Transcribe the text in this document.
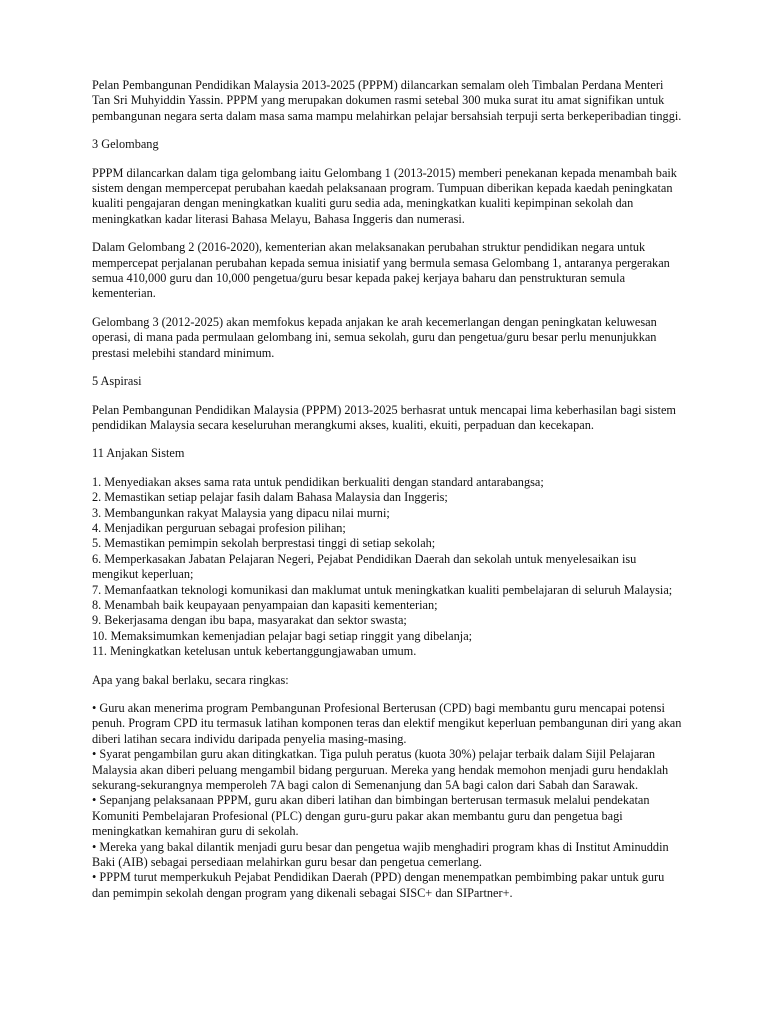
Pelan Pembangunan Pendidikan Malaysia 2013-2025 (PPPM) dilancarkan semalam oleh Timbalan Perdana Menteri Tan Sri Muhyiddin Yassin. PPPM yang merupakan dokumen rasmi setebal 300 muka surat itu amat signifikan untuk pembangunan negara serta dalam masa sama mampu melahirkan pelajar bersahsiah terpuji serta berkeperibadian tinggi.

3 Gelombang

PPPM dilancarkan dalam tiga gelombang iaitu Gelombang 1 (2013-2015) memberi penekanan kepada menambah baik sistem dengan mempercepat perubahan kaedah pelaksanaan program. Tumpuan diberikan kepada kaedah peningkatan kualiti pengajaran dengan meningkatkan kualiti guru sedia ada, meningkatkan kualiti kepimpinan sekolah dan meningkatkan kadar literasi Bahasa Melayu, Bahasa Inggeris dan numerasi.

Dalam Gelombang 2 (2016-2020), kementerian akan melaksanakan perubahan struktur pendidikan negara untuk mempercepat perjalanan perubahan kepada semua inisiatif yang bermula semasa Gelombang 1, antaranya pergerakan semua 410,000 guru dan 10,000 pengetua/guru besar kepada pakej kerjaya baharu dan penstrukturan semula kementerian.

Gelombang 3 (2012-2025) akan memfokus kepada anjakan ke arah kecemerlangan dengan peningkatan keluwesan operasi, di mana pada permulaan gelombang ini, semua sekolah, guru dan pengetua/guru besar perlu menunjukkan prestasi melebihi standard minimum.

5 Aspirasi

Pelan Pembangunan Pendidikan Malaysia (PPPM) 2013-2025 berhasrat untuk mencapai lima keberhasilan bagi sistem pendidikan Malaysia secara keseluruhan merangkumi akses, kualiti, ekuiti, perpaduan dan kecekapan.

11 Anjakan Sistem

1. Menyediakan akses sama rata untuk pendidikan berkualiti dengan standard antarabangsa;
2. Memastikan setiap pelajar fasih dalam Bahasa Malaysia dan Inggeris;
3. Membangunkan rakyat Malaysia yang dipacu nilai murni;
4. Menjadikan perguruan sebagai profesion pilihan;
5. Memastikan pemimpin sekolah berprestasi tinggi di setiap sekolah;
6. Memperkasakan Jabatan Pelajaran Negeri, Pejabat Pendidikan Daerah dan sekolah untuk menyelesaikan isu mengikut keperluan;
7. Memanfaatkan teknologi komunikasi dan maklumat untuk meningkatkan kualiti pembelajaran di seluruh Malaysia;
8. Menambah baik keupayaan penyampaian dan kapasiti kementerian;
9. Bekerjasama dengan ibu bapa, masyarakat dan sektor swasta;
10. Memaksimumkan kemenjadian pelajar bagi setiap ringgit yang dibelanja;
11. Meningkatkan ketelusan untuk kebertanggungjawaban umum.

Apa yang bakal berlaku, secara ringkas:

• Guru akan menerima program Pembangunan Profesional Berterusan (CPD) bagi membantu guru mencapai potensi penuh. Program CPD itu termasuk latihan komponen teras dan elektif mengikut keperluan pembangunan diri yang akan diberi latihan secara individu daripada penyelia masing-masing.
• Syarat pengambilan guru akan ditingkatkan. Tiga puluh peratus (kuota 30%) pelajar terbaik dalam Sijil Pelajaran Malaysia akan diberi peluang mengambil bidang perguruan. Mereka yang hendak memohon menjadi guru hendaklah sekurang-sekurangnya memperoleh 7A bagi calon di Semenanjung dan 5A bagi calon dari Sabah dan Sarawak.
• Sepanjang pelaksanaan PPPM, guru akan diberi latihan dan bimbingan berterusan termasuk melalui pendekatan Komuniti Pembelajaran Profesional (PLC) dengan guru-guru pakar akan membantu guru dan pengetua bagi meningkatkan kemahiran guru di sekolah.
• Mereka yang bakal dilantik menjadi guru besar dan pengetua wajib menghadiri program khas di Institut Aminuddin Baki (AIB) sebagai persediaan melahirkan guru besar dan pengetua cemerlang.
• PPPM turut memperkukuh Pejabat Pendidikan Daerah (PPD) dengan menempatkan pembimbing pakar untuk guru dan pemimpin sekolah dengan program yang dikenali sebagai SISC+ dan SIPartner+.
